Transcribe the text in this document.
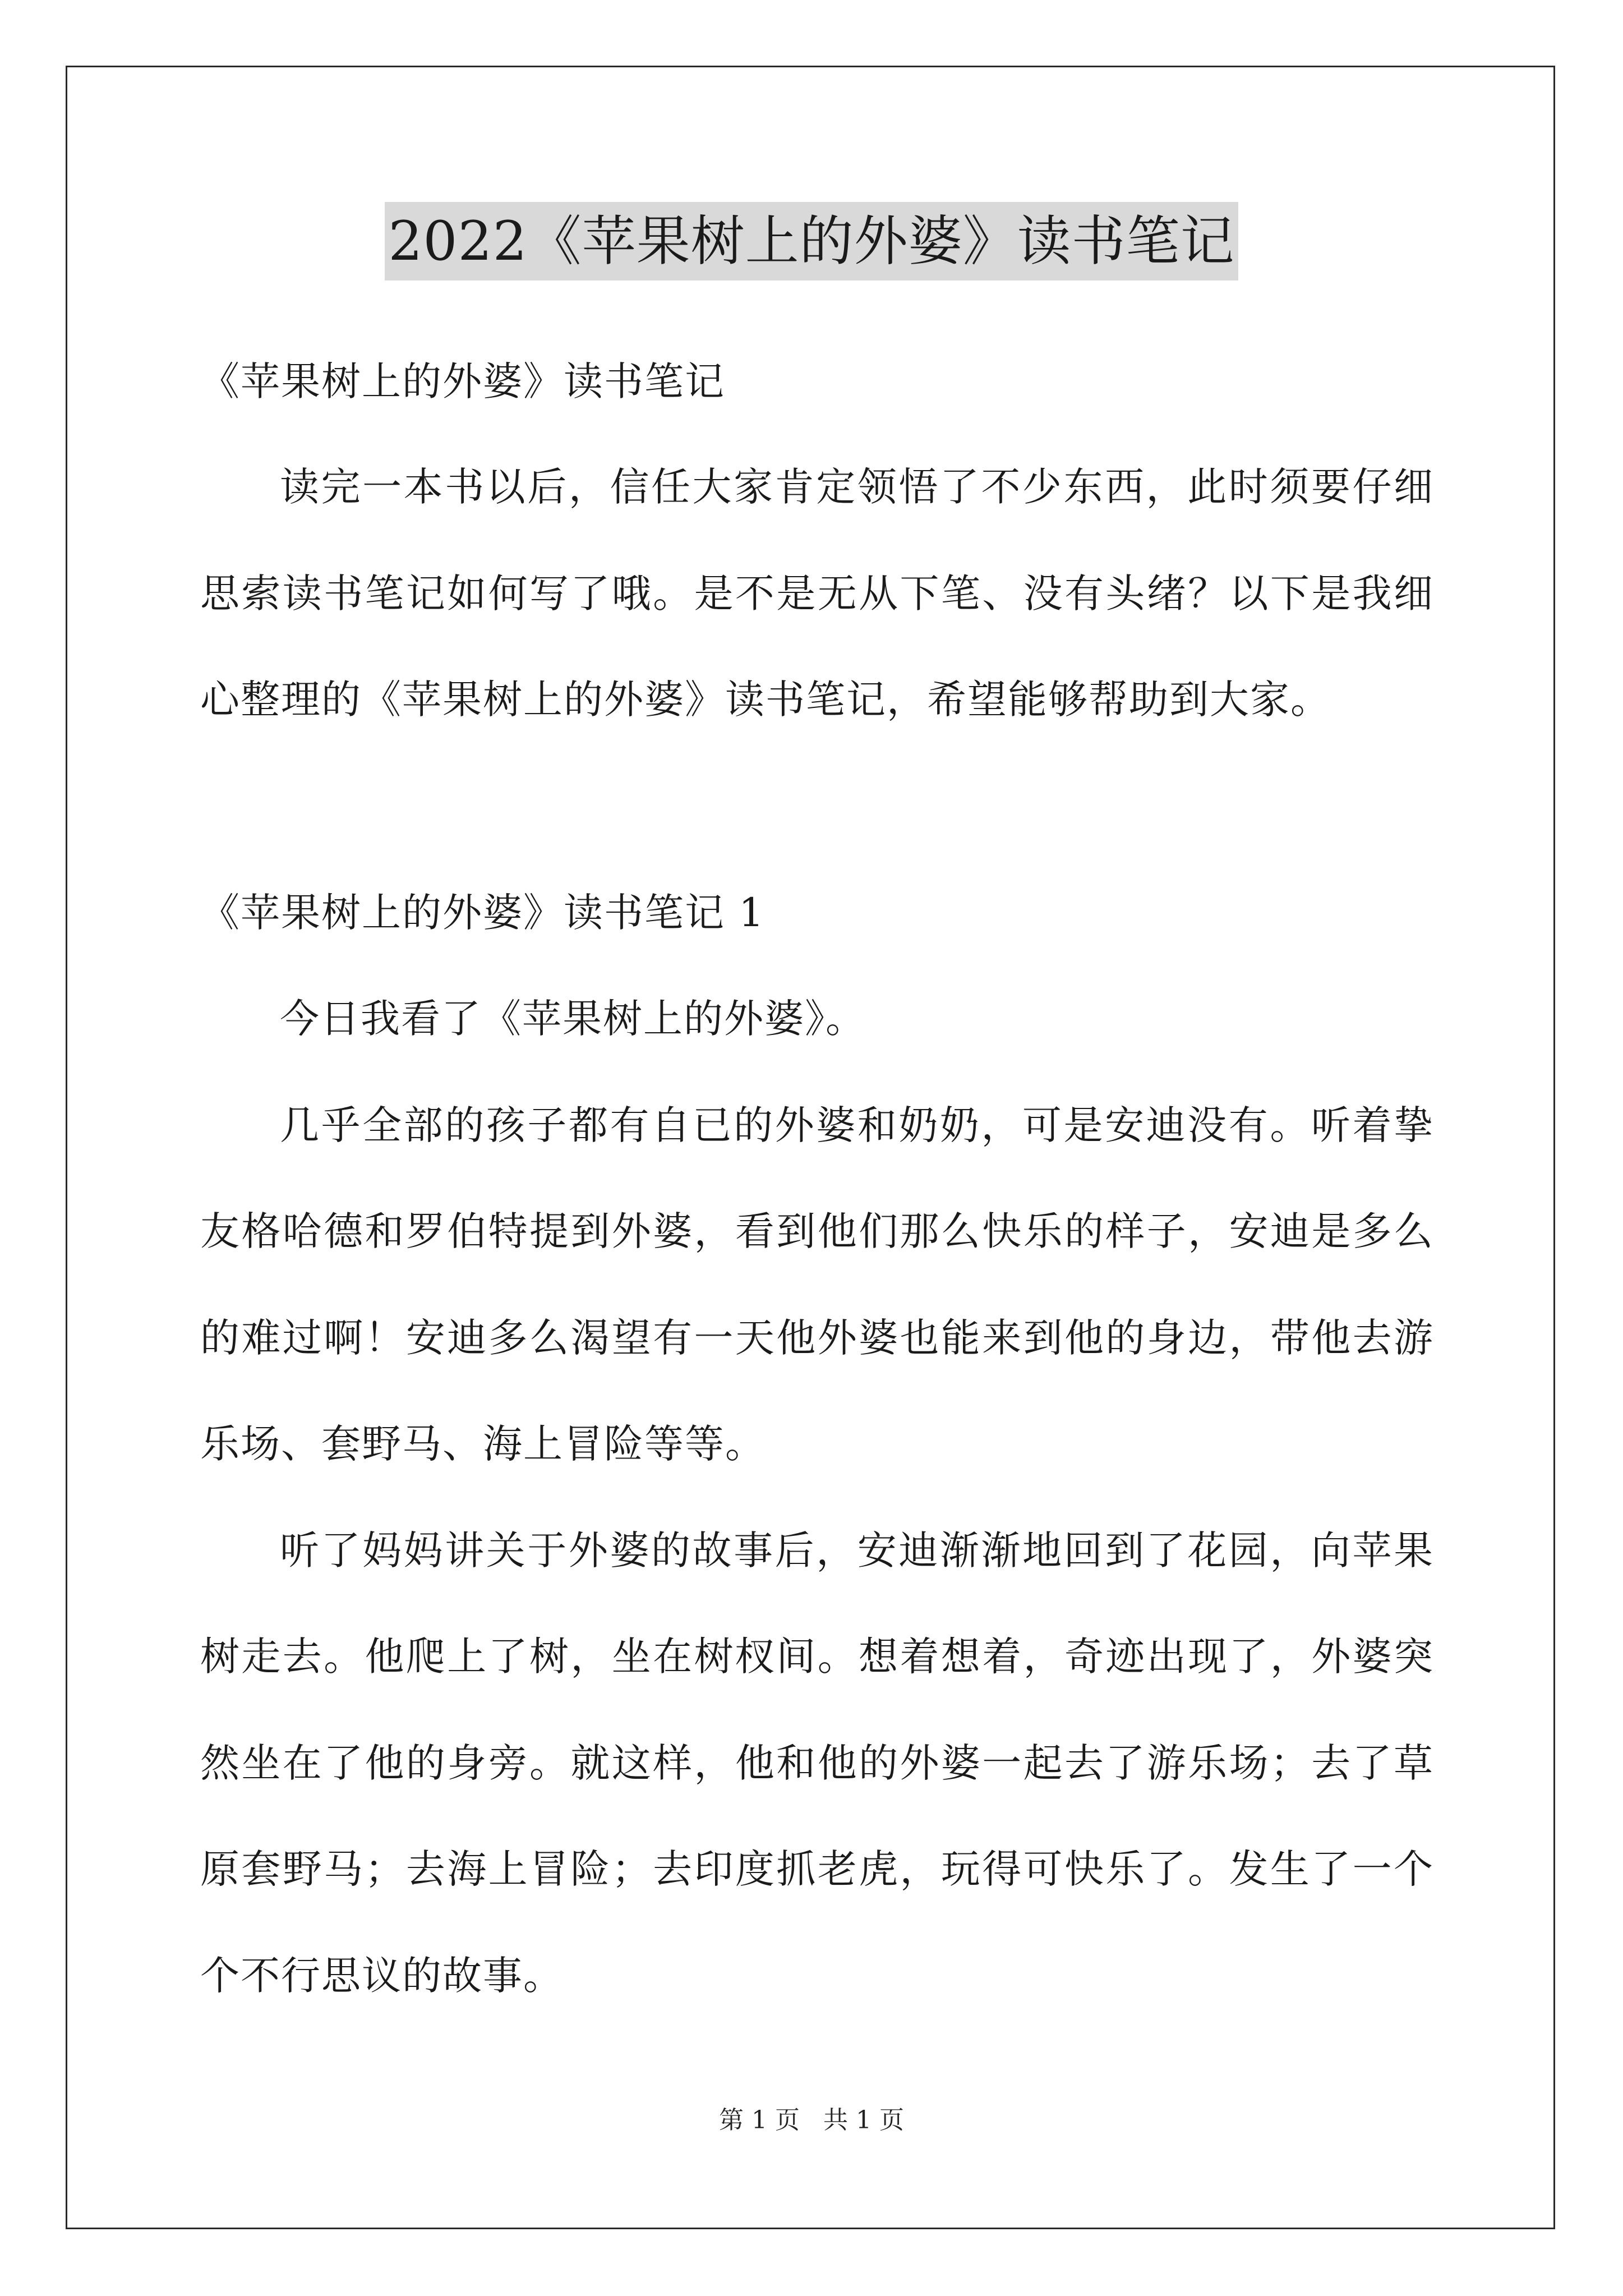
2022《苹果树上的外婆》读书笔记
《苹果树上的外婆》读书笔记
读完一本书以后，信任大家肯定领悟了不少东西，此时须要仔细
思索读书笔记如何写了哦。是不是无从下笔、没有头绪？以下是我细
心整理的《苹果树上的外婆》读书笔记，希望能够帮助到大家。
《苹果树上的外婆》读书笔记 1
今日我看了《苹果树上的外婆》。
几乎全部的孩子都有自已的外婆和奶奶，可是安迪没有。听着挚
友格哈德和罗伯特提到外婆，看到他们那么快乐的样子，安迪是多么
的难过啊！安迪多么渴望有一天他外婆也能来到他的身边，带他去游
乐场、套野马、海上冒险等等。
听了妈妈讲关于外婆的故事后，安迪渐渐地回到了花园，向苹果
树走去。他爬上了树，坐在树杈间。想着想着，奇迹出现了，外婆突
然坐在了他的身旁。就这样，他和他的外婆一起去了游乐场；去了草
原套野马；去海上冒险；去印度抓老虎，玩得可快乐了。发生了一个
个不行思议的故事。
第 1 页 共 1 页
